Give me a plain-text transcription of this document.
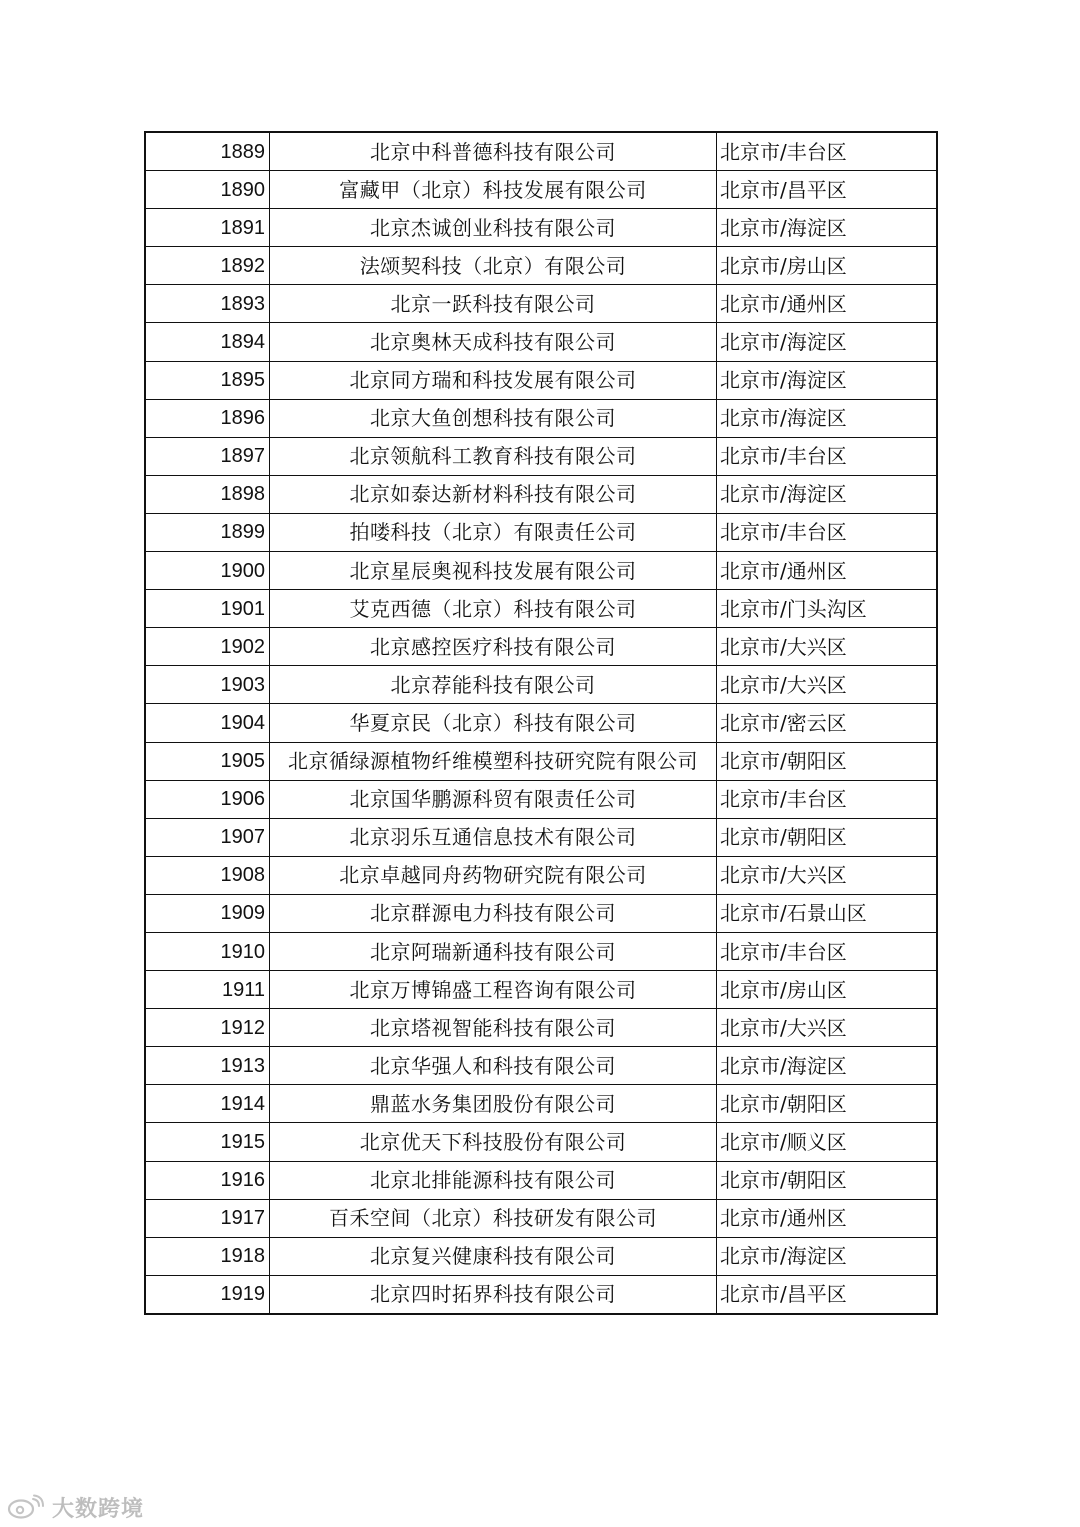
1889	北京中科普德科技有限公司	北京市/丰台区
1890	富藏甲（北京）科技发展有限公司	北京市/昌平区
1891	北京杰诚创业科技有限公司	北京市/海淀区
1892	法颂契科技（北京）有限公司	北京市/房山区
1893	北京一跃科技有限公司	北京市/通州区
1894	北京奥林天成科技有限公司	北京市/海淀区
1895	北京同方瑞和科技发展有限公司	北京市/海淀区
1896	北京大鱼创想科技有限公司	北京市/海淀区
1897	北京领航科工教育科技有限公司	北京市/丰台区
1898	北京如泰达新材料科技有限公司	北京市/海淀区
1899	拍喽科技（北京）有限责任公司	北京市/丰台区
1900	北京星辰奥视科技发展有限公司	北京市/通州区
1901	艾克西德（北京）科技有限公司	北京市/门头沟区
1902	北京感控医疗科技有限公司	北京市/大兴区
1903	北京荐能科技有限公司	北京市/大兴区
1904	华夏京民（北京）科技有限公司	北京市/密云区
1905	北京循绿源植物纤维模塑科技研究院有限公司	北京市/朝阳区
1906	北京国华鹏源科贸有限责任公司	北京市/丰台区
1907	北京羽乐互通信息技术有限公司	北京市/朝阳区
1908	北京卓越同舟药物研究院有限公司	北京市/大兴区
1909	北京群源电力科技有限公司	北京市/石景山区
1910	北京阿瑞新通科技有限公司	北京市/丰台区
1911	北京万博锦盛工程咨询有限公司	北京市/房山区
1912	北京塔视智能科技有限公司	北京市/大兴区
1913	北京华强人和科技有限公司	北京市/海淀区
1914	鼎蓝水务集团股份有限公司	北京市/朝阳区
1915	北京优天下科技股份有限公司	北京市/顺义区
1916	北京北排能源科技有限公司	北京市/朝阳区
1917	百禾空间（北京）科技研发有限公司	北京市/通州区
1918	北京复兴健康科技有限公司	北京市/海淀区
1919	北京四时拓界科技有限公司	北京市/昌平区
大数跨境
